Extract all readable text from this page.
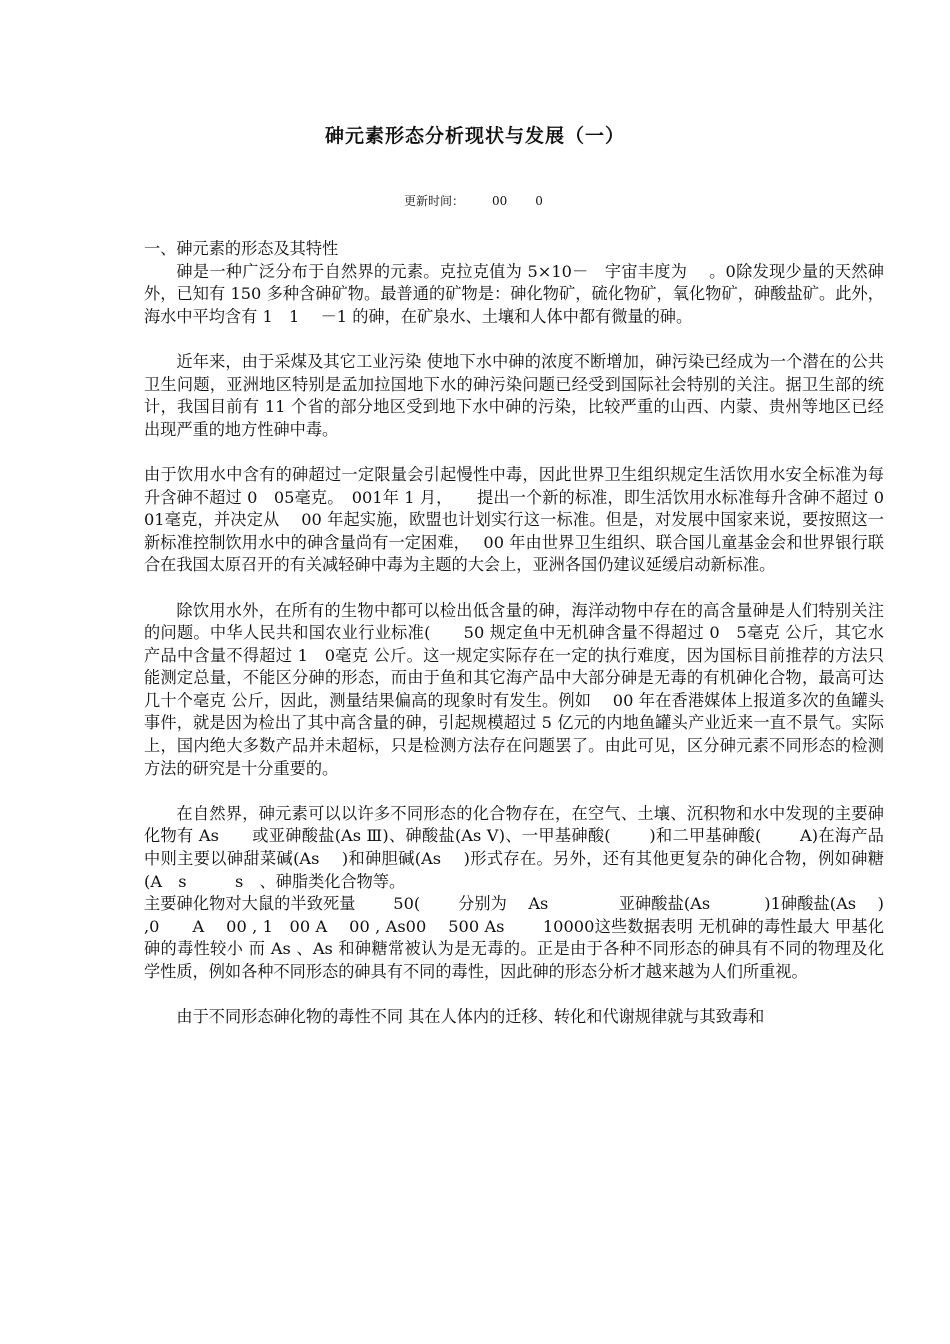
砷元素形态分析现状与发展（一）
更新时间： 00 0

一、砷元素的形态及其特性

砷是一种广泛分布于自然界的元素。克拉克值为 5×10－　宇宙丰度为　 。0除发现少量的天然砷外，已知有 150 多种含砷矿物。最普通的矿物是：砷化物矿，硫化物矿，氧化物矿，砷酸盐矿。此外，海水中平均含有 1　1　 －1 的砷，在矿泉水、土壤和人体中都有微量的砷。

近年来，由于采煤及其它工业污染 使地下水中砷的浓度不断增加，砷污染已经成为一个潜在的公共卫生问题，亚洲地区特别是孟加拉国地下水的砷污染问题已经受到国际社会特别的关注。据卫生部的统计，我国目前有 11 个省的部分地区受到地下水中砷的污染，比较严重的山西、内蒙、贵州等地区已经出现严重的地方性砷中毒。

由于饮用水中含有的砷超过一定限量会引起慢性中毒，因此世界卫生组织规定生活饮用水安全标准为每升含砷不超过 0　05毫克。　001年 1 月，　　提出一个新的标准，即生活饮用水标准每升含砷不超过 0　01毫克，并决定从　 00 年起实施，欧盟也计划实行这一标准。但是，对发展中国家来说，要按照这一新标准控制饮用水中的砷含量尚有一定困难，　 00 年由世界卫生组织、联合国儿童基金会和世界银行联合在我国太原召开的有关减轻砷中毒为主题的大会上，亚洲各国仍建议延缓启动新标准。

除饮用水外，在所有的生物中都可以检出低含量的砷，海洋动物中存在的高含量砷是人们特别关注的问题。中华人民共和国农业行业标准(　　50 规定鱼中无机砷含量不得超过 0　5毫克 公斤，其它水产品中含量不得超过 1　0毫克 公斤。这一规定实际存在一定的执行难度，因为国标目前推荐的方法只能测定总量，不能区分砷的形态，而由于鱼和其它海产品中大部分砷是无毒的有机砷化合物，最高可达几十个毫克 公斤，因此，测量结果偏高的现象时有发生。例如　 00 年在香港媒体上报道多次的鱼罐头事件，就是因为检出了其中高含量的砷，引起规模超过 5 亿元的内地鱼罐头产业近来一直不景气。实际上，国内绝大多数产品并未超标，只是检测方法存在问题罢了。由此可见，区分砷元素不同形态的检测方法的研究是十分重要的。

在自然界，砷元素可以以许多不同形态的化合物存在，在空气、土壤、沉积物和水中发现的主要砷化物有 As　　或亚砷酸盐(As Ⅲ)、砷酸盐(As Ⅴ)、一甲基砷酸(　　 )和二甲基砷酸(　　 A)在海产品中则主要以砷甜菜碱(As　 )和砷胆碱(As　 )形式存在。另外，还有其他更复杂的砷化合物，例如砷糖(A　s　　　s　、砷脂类化合物等。

主要砷化物对大鼠的半致死量　　 50(　　 分别为　 As　　　　 亚砷酸盐(As　　　 )1砷酸盐(As　 ) ,0　　A　 00 , 1　00 A　 00 , As00　 500 As　　 10000这些数据表明 无机砷的毒性最大 甲基化砷的毒性较小 而 As 、As 和砷糖常被认为是无毒的。正是由于各种不同形态的砷具有不同的物理及化学性质，例如各种不同形态的砷具有不同的毒性，因此砷的形态分析才越来越为人们所重视。

由于不同形态砷化物的毒性不同 其在人体内的迁移、转化和代谢规律就与其致毒和
